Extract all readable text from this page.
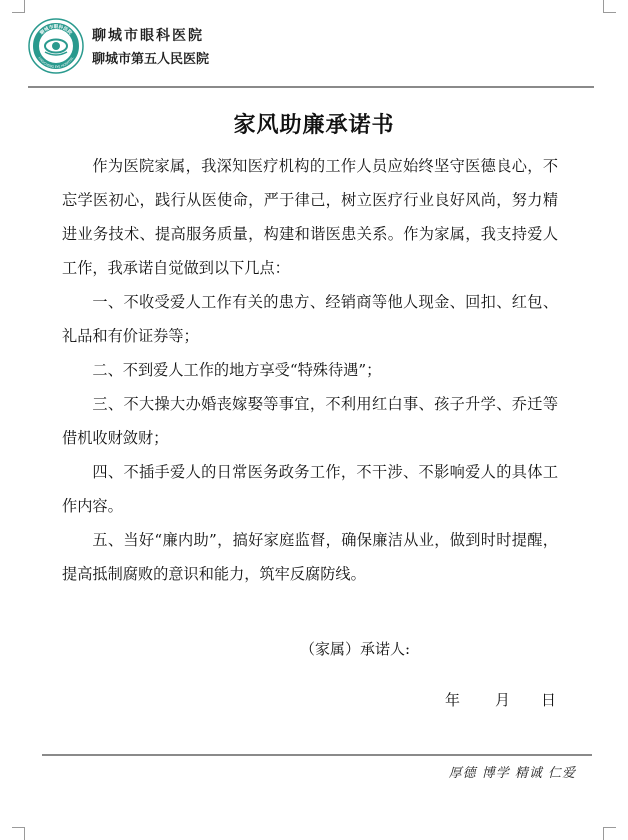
聊城市眼科医院
LIAOCHENG EYE HOSPITAL
聊城市眼科医院
聊城市第五人民医院
家风助廉承诺书

作为医院家属，我深知医疗机构的工作人员应始终坚守医德良心，不忘学医初心，践行从医使命，严于律己，树立医疗行业良好风尚，努力精进业务技术、提高服务质量，构建和谐医患关系。作为家属，我支持爱人工作，我承诺自觉做到以下几点：

一、不收受爱人工作有关的患方、经销商等他人现金、回扣、红包、礼品和有价证券等；

二、不到爱人工作的地方享受“特殊待遇”；

三、不大操大办婚丧嫁娶等事宜，不利用红白事、孩子升学、乔迁等借机收财敛财；

四、不插手爱人的日常医务政务工作，不干涉、不影响爱人的具体工作内容。

五、当好“廉内助”，搞好家庭监督，确保廉洁从业，做到时时提醒，提高抵制腐败的意识和能力，筑牢反腐防线。

（家属）承诺人:
年	月	日
厚德 博学 精诚 仁爱
